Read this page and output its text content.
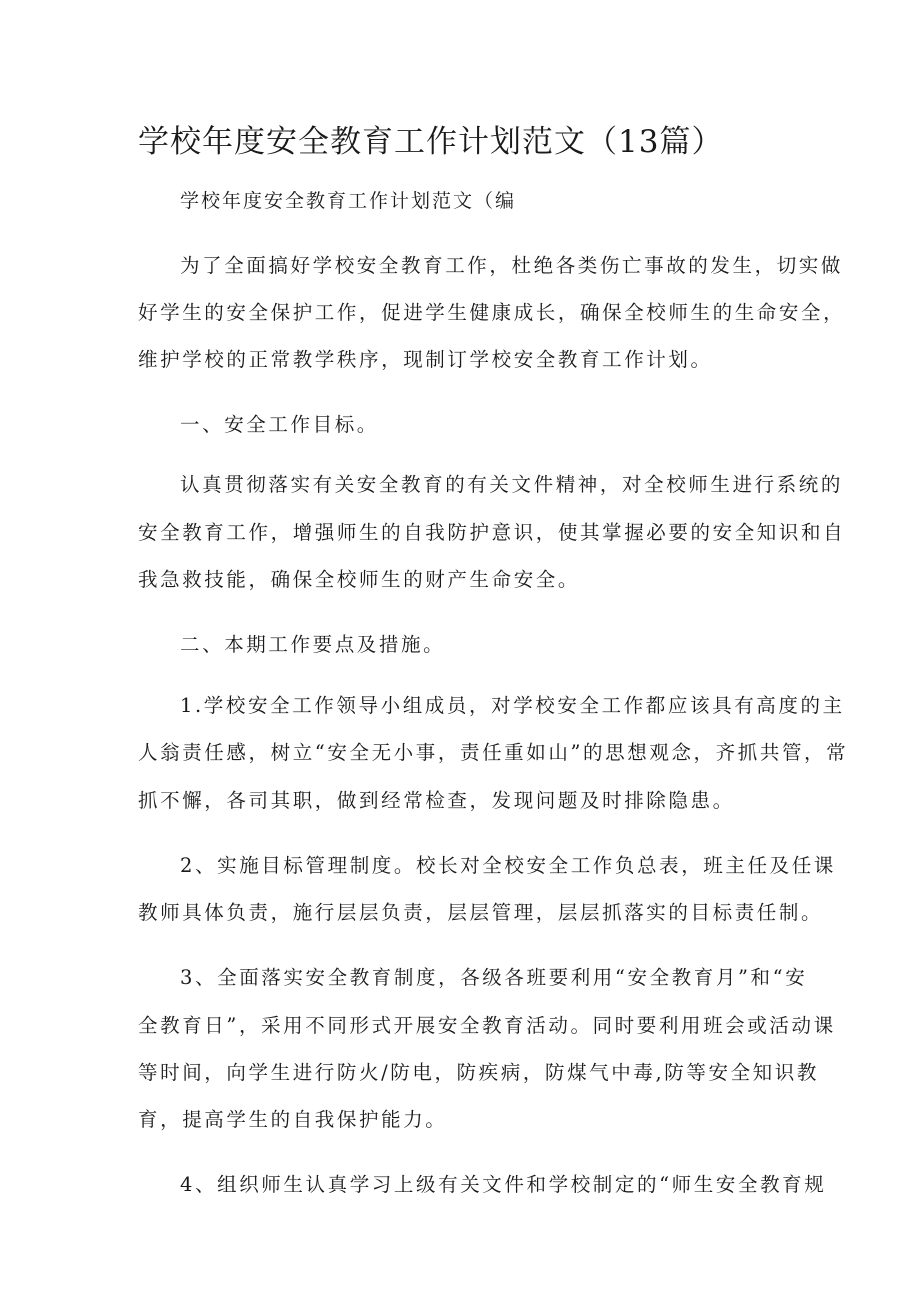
学校年度安全教育工作计划范文（13篇）
学校年度安全教育工作计划范文（编
为了全面搞好学校安全教育工作，杜绝各类伤亡事故的发生，切实做
好学生的安全保护工作，促进学生健康成长，确保全校师生的生命安全，
维护学校的正常教学秩序，现制订学校安全教育工作计划。
一、安全工作目标。
认真贯彻落实有关安全教育的有关文件精神，对全校师生进行系统的
安全教育工作，增强师生的自我防护意识，使其掌握必要的安全知识和自
我急救技能，确保全校师生的财产生命安全。
二、本期工作要点及措施。
1.学校安全工作领导小组成员，对学校安全工作都应该具有高度的主
人翁责任感，树立“安全无小事，责任重如山”的思想观念，齐抓共管，常
抓不懈，各司其职，做到经常检查，发现问题及时排除隐患。
2、实施目标管理制度。校长对全校安全工作负总表，班主任及任课
教师具体负责，施行层层负责，层层管理，层层抓落实的目标责任制。
3、全面落实安全教育制度，各级各班要利用“安全教育月”和“安
全教育日”，采用不同形式开展安全教育活动。同时要利用班会或活动课
等时间，向学生进行防火/防电，防疾病，防煤气中毒,防等安全知识教
育，提高学生的自我保护能力。
4、组织师生认真学习上级有关文件和学校制定的“师生安全教育规
